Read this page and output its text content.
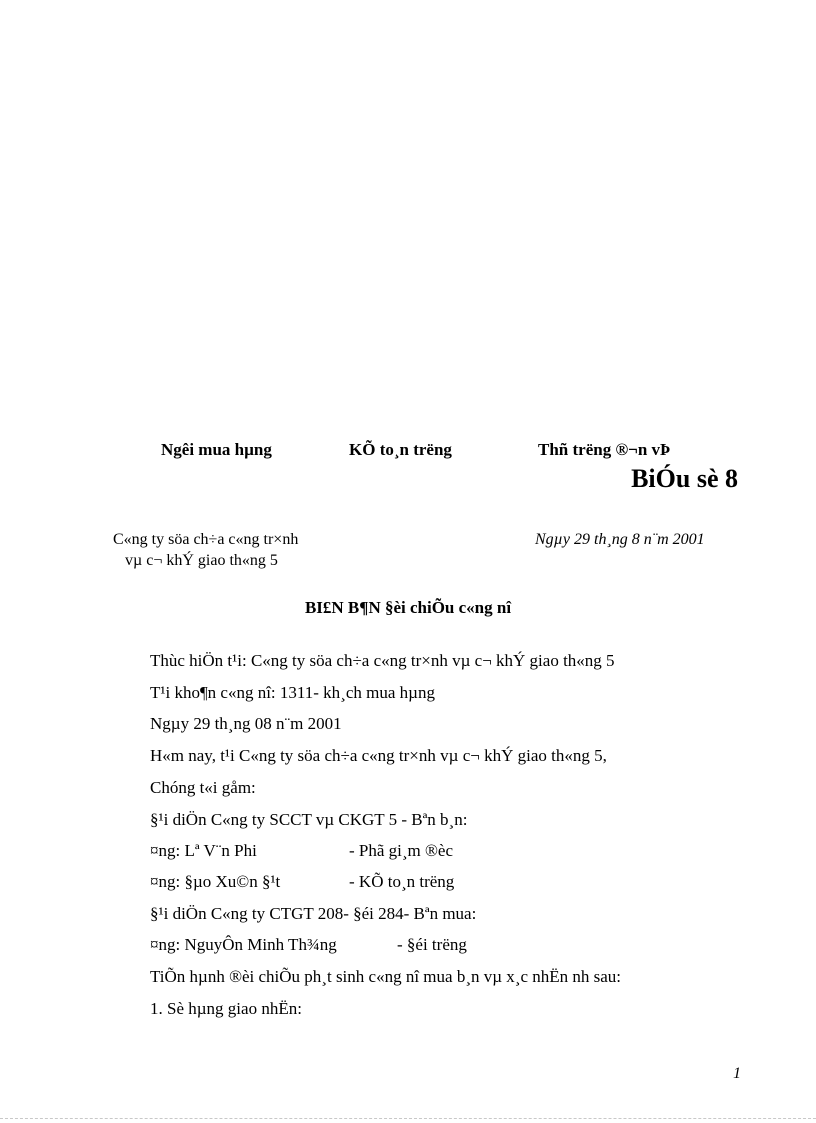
Ngêi mua hµng	KÕ to¸n trëng	Thñ trëng ®¬n vÞ
BiÓu sè 8
C«ng ty söa ch÷a c«ng tr×nh
vµ c¬ khÝ giao th«ng 5
Ngµy 29 th¸ng 8 n¨m 2001
BI£N B¶N §èi chiÕu c«ng nî
Thùc hiÖn t¹i: C«ng ty söa ch÷a c«ng tr×nh vµ c¬ khÝ giao th«ng 5
T¹i kho¶n c«ng nî: 1311- kh¸ch mua hµng
Ngµy 29 th¸ng 08 n¨m 2001
H«m nay, t¹i C«ng ty söa ch÷a c«ng tr×nh vµ c¬ khÝ giao th«ng 5,
Chóng t«i gåm:
§¹i diÖn C«ng ty SCCT vµ CKGT 5 - Bªn b¸n:
¤ng: Lª V¨n Phi	- Phã gi¸m ®èc
¤ng: §µo Xu©n §¹t	- KÕ to¸n trëng
§¹i diÖn C«ng ty CTGT 208- §éi 284- Bªn mua:
¤ng: NguyÔn Minh Th¾ng	- §éi trëng
TiÕn hµnh ®èi chiÕu ph¸t sinh c«ng nî mua b¸n vµ x¸c nhËn nh sau:
1. Sè hµng giao nhËn:
1
